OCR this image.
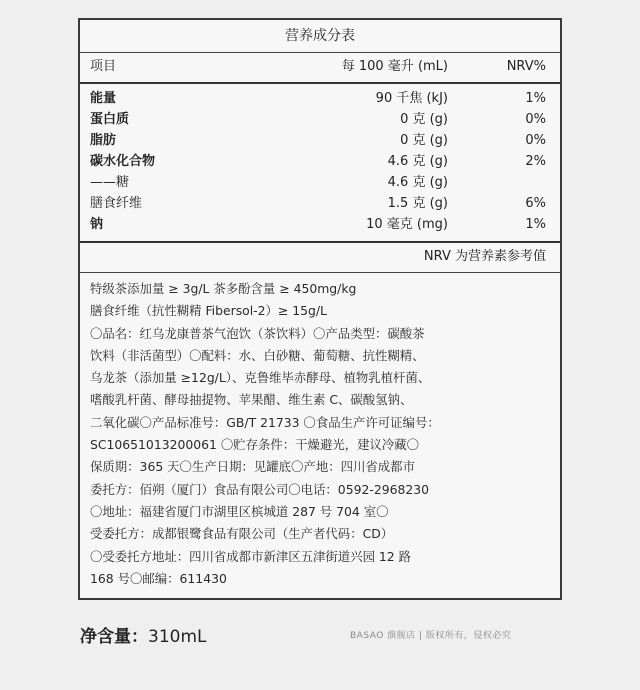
营养成分表
项目	每 100 毫升 (mL)	NRV%
能量	90 千焦 (kJ)	1%
蛋白质	0 克 (g)	0%
脂肪	0 克 (g)	0%
碳水化合物	4.6 克 (g)	2%
——糖	4.6 克 (g)
膳食纤维	1.5 克 (g)	6%
钠	10 毫克 (mg)	1%
NRV 为营养素参考值

特级茶添加量 ≥ 3g/L 茶多酚含量 ≥ 450mg/kg

膳食纤维（抗性糊精 Fibersol-2）≥ 15g/L

〇品名：红乌龙康普茶气泡饮（茶饮料）〇产品类型：碳酸茶

饮料（非活菌型）〇配料：水、白砂糖、葡萄糖、抗性糊精、

乌龙茶（添加量 ≥12g/L）、克鲁维毕赤酵母、植物乳植杆菌、

嗜酸乳杆菌、酵母抽提物、苹果醋、维生素 C、碳酸氢钠、

二氧化碳〇产品标准号：GB/T 21733 〇食品生产许可证编号：

SC10651013200061 〇贮存条件：干燥避光，建议冷藏〇

保质期：365 天〇生产日期：见罐底〇产地：四川省成都市

委托方：佰朔（厦门）食品有限公司〇电话：0592-2968230

〇地址：福建省厦门市湖里区槟城道 287 号 704 室〇

受委托方：成都银鹭食品有限公司（生产者代码：CD）

〇受委托方地址：四川省成都市新津区五津街道兴园 12 路

168 号〇邮编：611430

净含量：310mL	BASAO 旗舰店 | 版权所有，侵权必究
